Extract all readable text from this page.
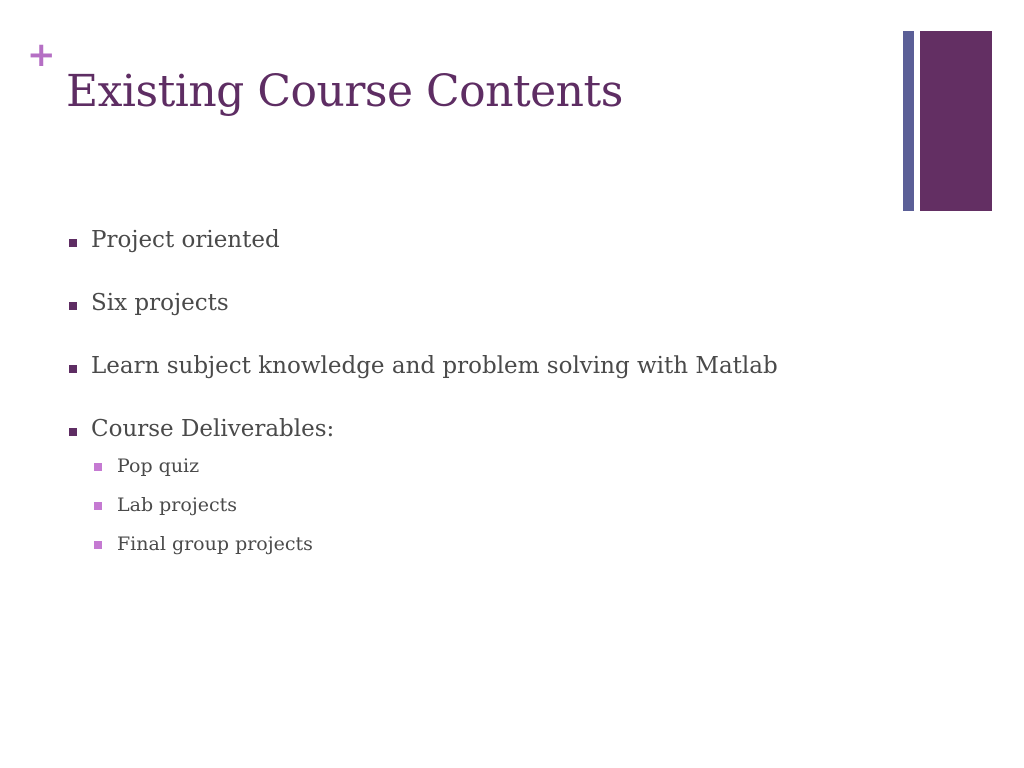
+
Existing Course Contents
Project oriented
Six projects
Learn subject knowledge and problem solving with Matlab
Course Deliverables:
Pop quiz
Lab projects
Final group projects
